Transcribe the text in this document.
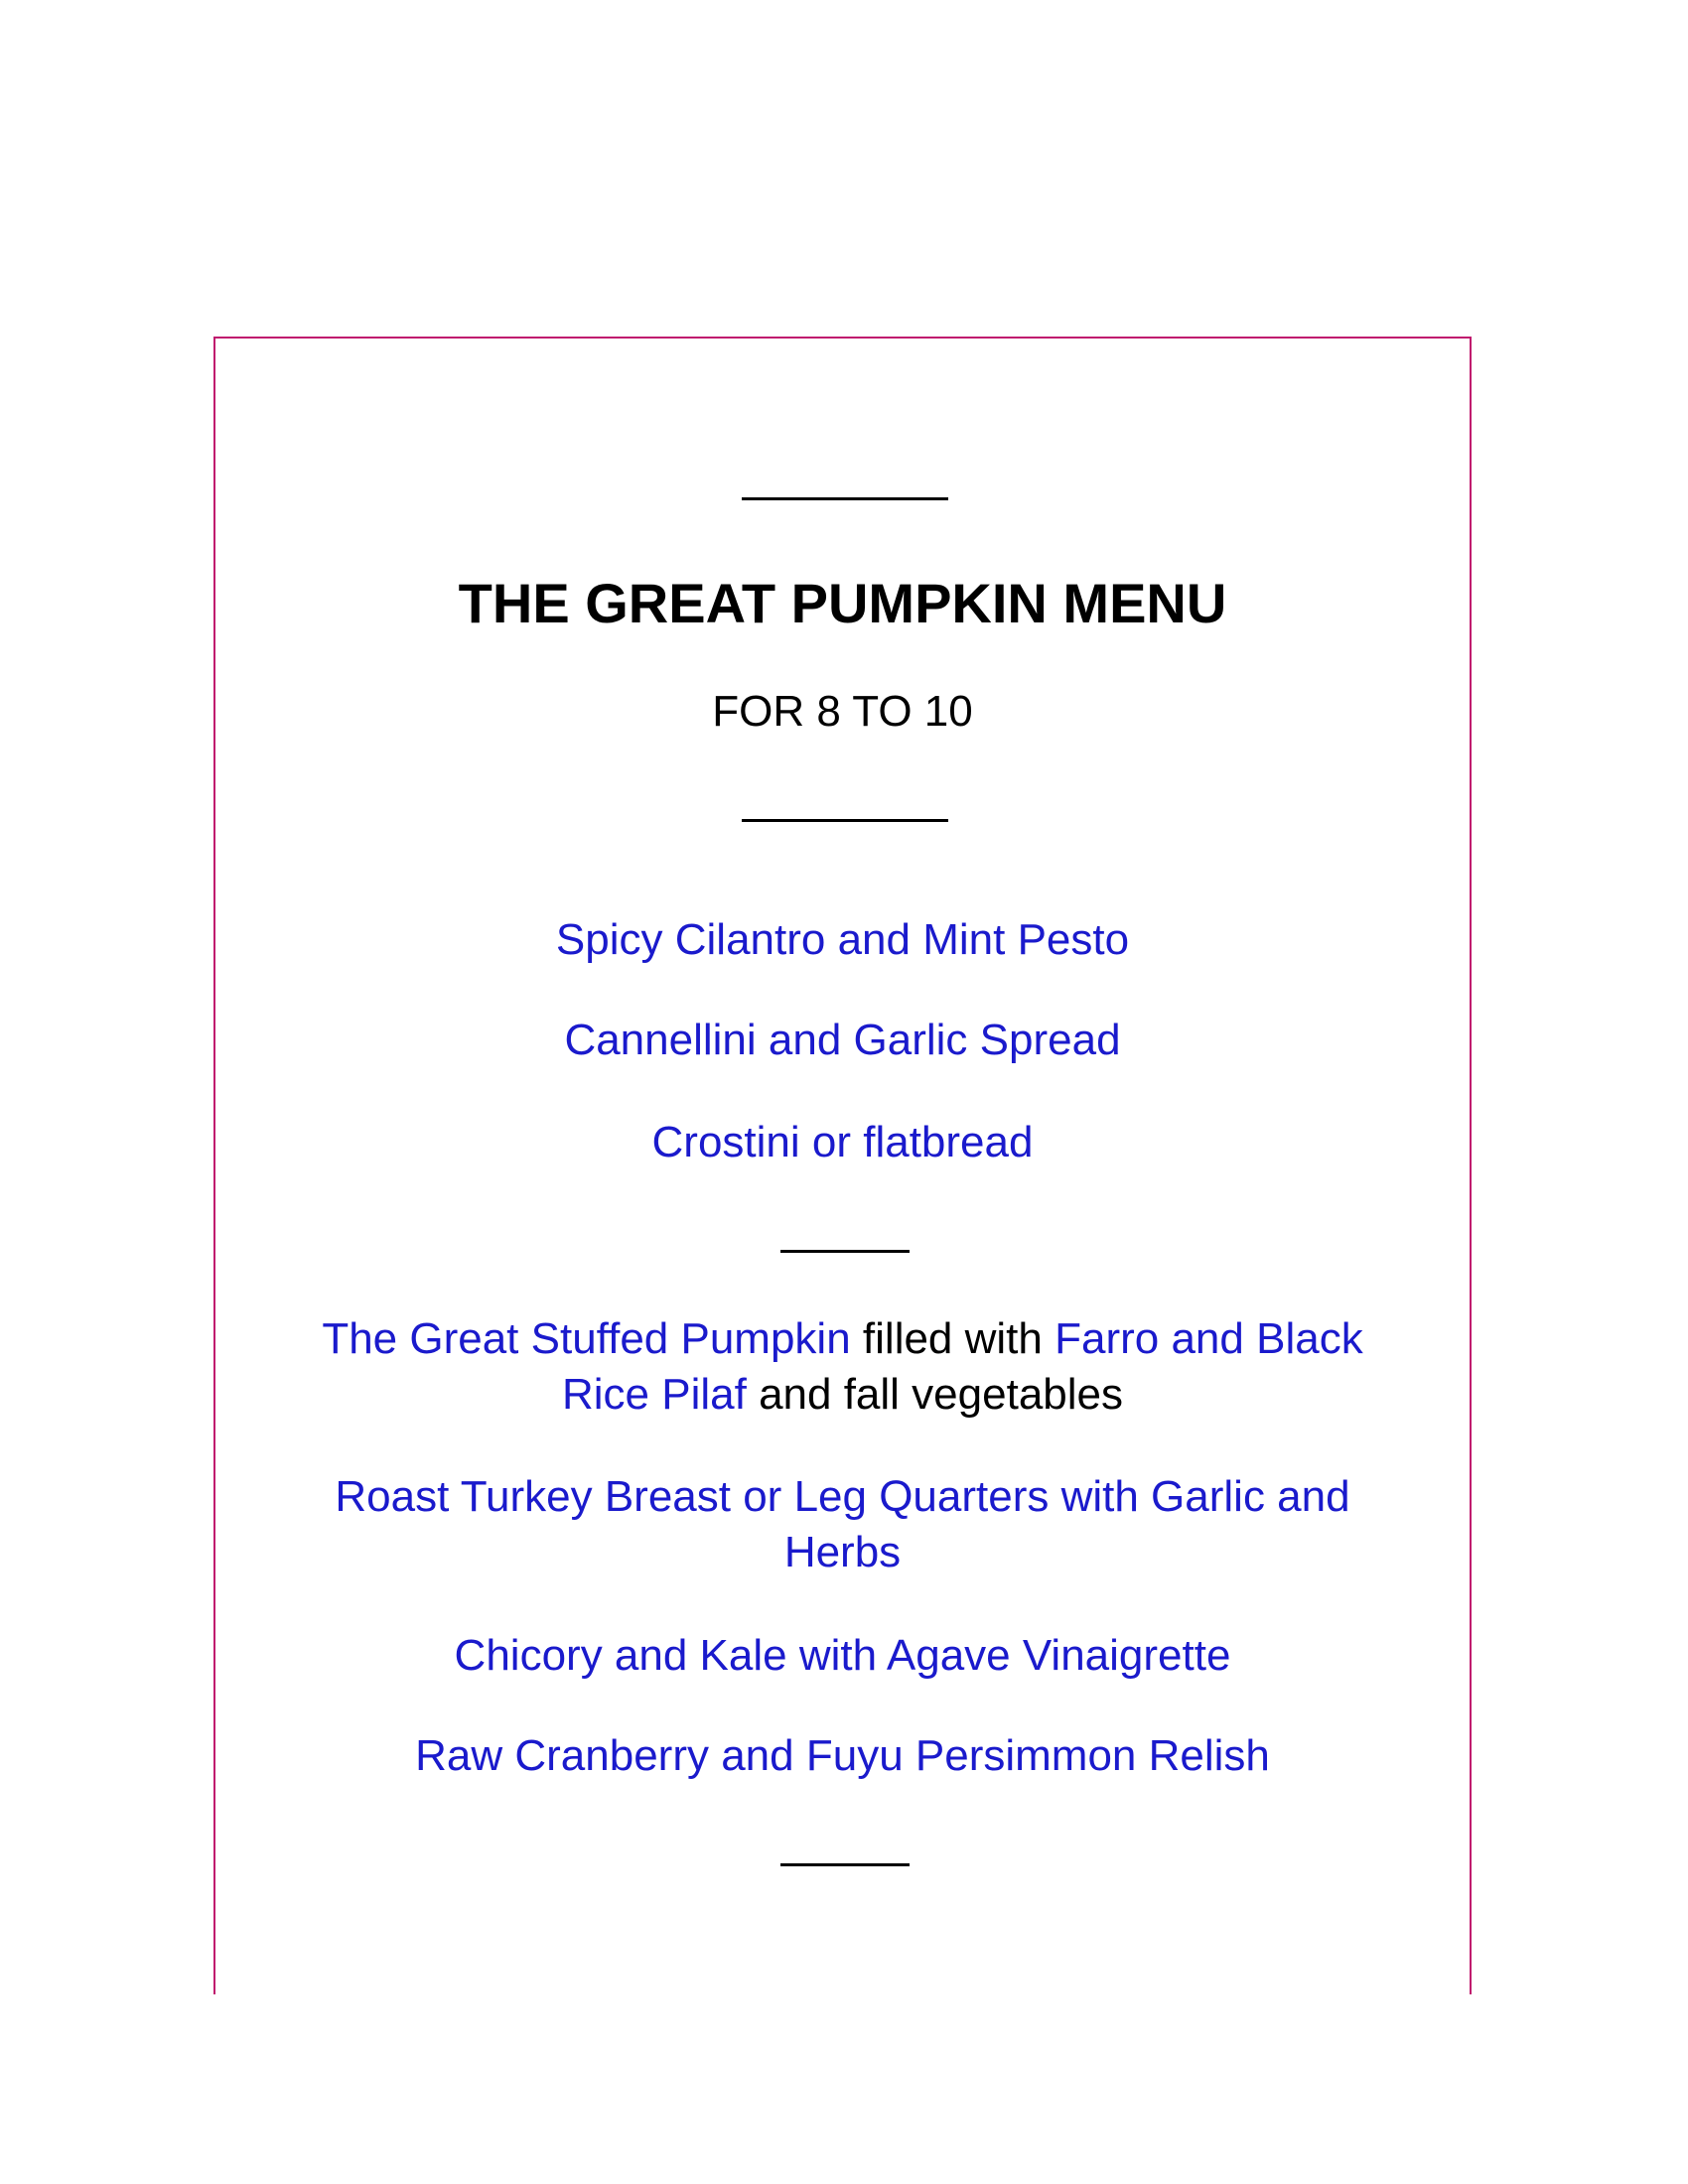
THE GREAT PUMPKIN MENU
FOR 8 TO 10
Spicy Cilantro and Mint Pesto
Cannellini and Garlic Spread
Crostini or flatbread
The Great Stuffed Pumpkin filled with Farro and Black Rice Pilaf and fall vegetables
Roast Turkey Breast or Leg Quarters with Garlic and Herbs
Chicory and Kale with Agave Vinaigrette
Raw Cranberry and Fuyu Persimmon Relish
